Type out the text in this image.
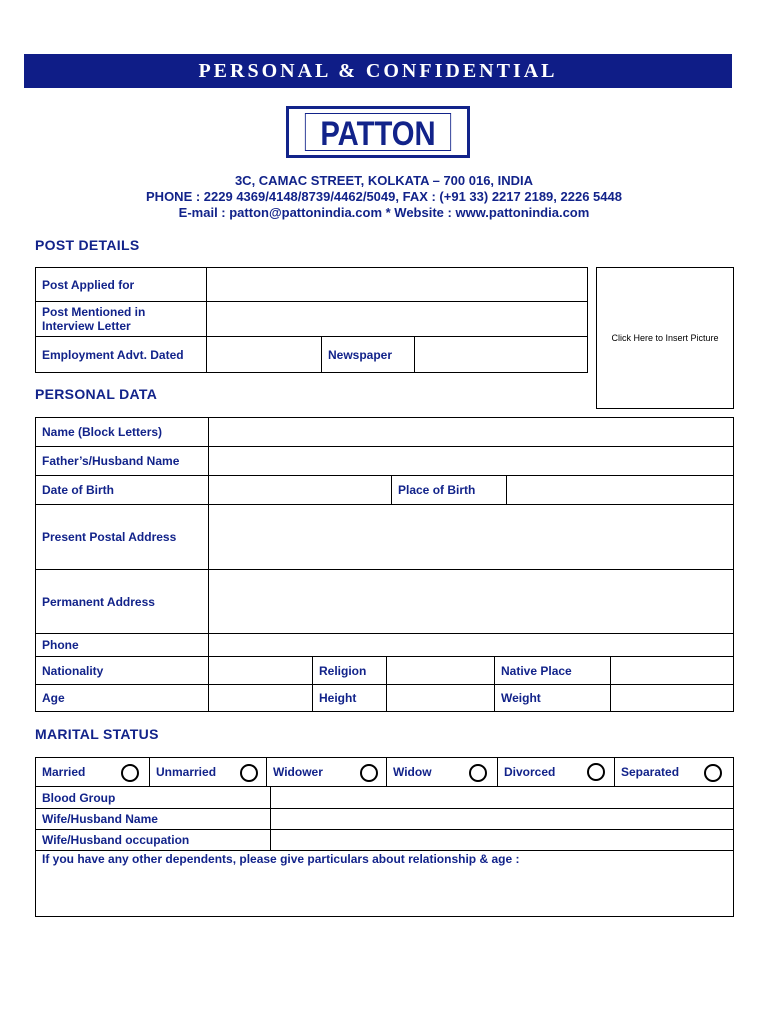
PERSONAL & CONFIDENTIAL
PATTON
3C, CAMAC STREET, KOLKATA – 700 016, INDIA
PHONE : 2229 4369/4148/8739/4462/5049, FAX : (+91 33) 2217 2189, 2226 5448
E-mail : patton@pattonindia.com * Website : www.pattonindia.com
POST DETAILS
Post Applied for
Post Mentioned in
Interview Letter
Employment Advt. Dated	Newspaper
Click Here to Insert Picture
PERSONAL DATA
Name (Block Letters)
Father’s/Husband Name
Date of Birth	Place of Birth
Present Postal Address
Permanent Address
Phone
Nationality	Religion	Native Place
Age	Height	Weight
MARITAL STATUS
Married	Unmarried	Widower	Widow	Divorced	Separated
Blood Group
Wife/Husband Name
Wife/Husband occupation
If you have any other dependents, please give particulars about relationship & age :
